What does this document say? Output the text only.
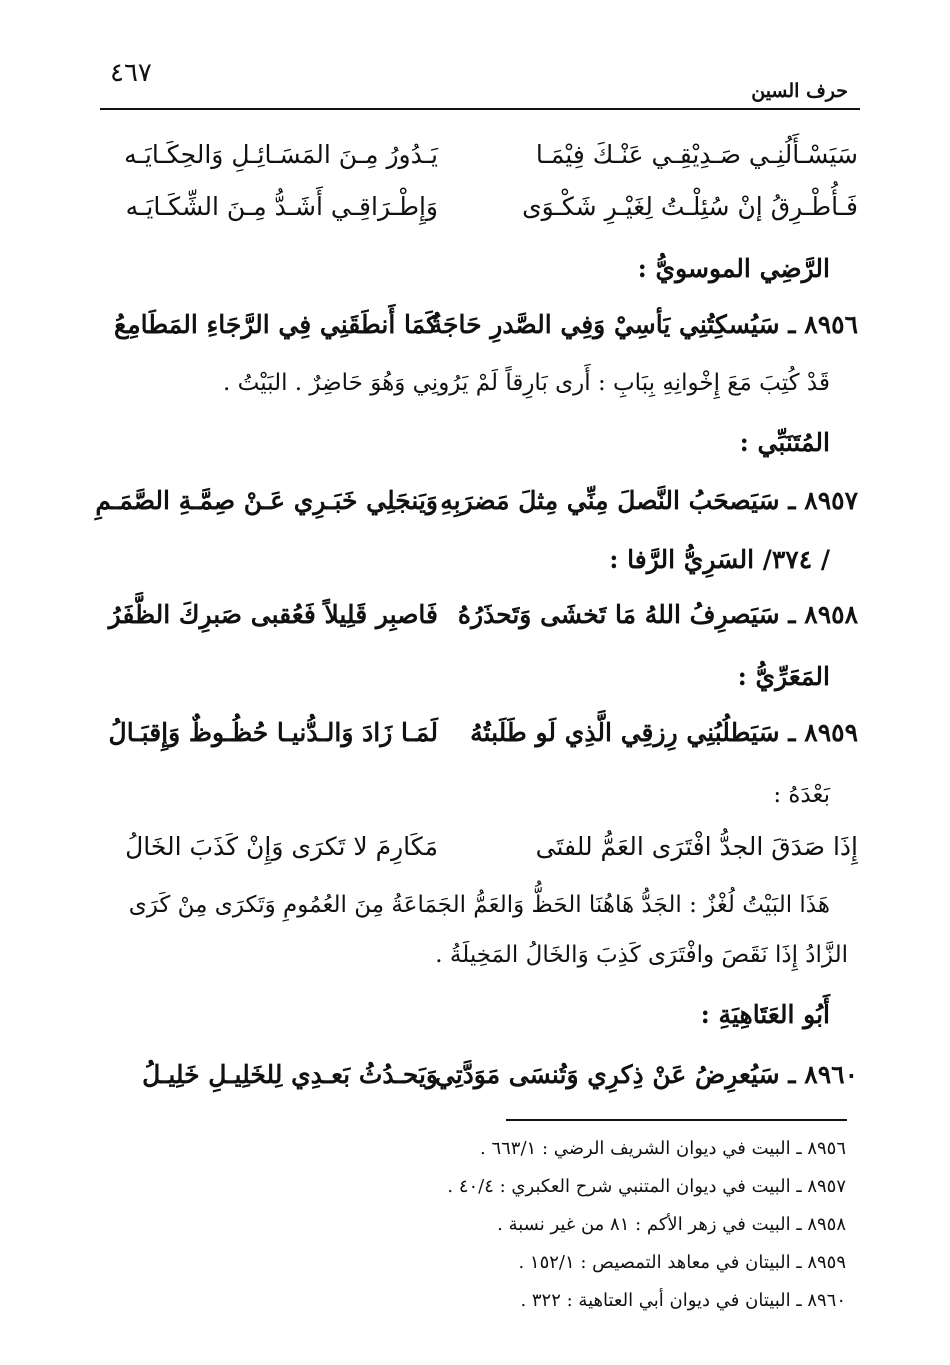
٤٦٧
حرف السين
سَيَسْـأَلُنِـي صَـدِيْقِـي عَنْـكَ فِيْمَـا
يَـدُورُ مِـنَ المَسَـائِـلِ وَالحِكَـايَـه
فَـأُطْـرِقُ إنْ سُئِلْـتُ لِغَيْـرِ شَكْـوَى
وَإِطْـرَاقِـي أَشَـدُّ مِـنَ الشِّكَـايَـه
الرَّضِي الموسويُّ :
٨٩٥٦ ـ سَيُسكِتُنِي يَأسِيْ وَفِي الصَّدرِ حَاجَةٌ
كَمَا أَنطَقَنِي فِي الرَّجَاءِ المَطَامِعُ
قَدْ كُتِبَ مَعَ إِخْوانِهِ بِبَابِ : أَرى بَارِقاً لَمْ يَرُونِي وَهُوَ حَاضِرٌ . البَيْتُ .
المُتَنَبِّي :
٨٩٥٧ ـ سَيَصحَبُ النَّصلَ مِنِّي مِثلَ مَضرَبِهِ
وَيَنجَلِي خَبَـرِي عَـنْ صِمَّـةِ الصَّمَـمِ
/ ٣٧٤/ السَرِيُّ الرَّفا :
٨٩٥٨ ـ سَيَصرِفُ اللهُ مَا تَخشَى وَتَحذَرُهُ
فَاصبِر قَلِيلاً فَعُقبى صَبرِكَ الظَّفَرُ
المَعَرِّيُّ :
٨٩٥٩ ـ سَيَطلُبُنِي رِزقِي الَّذِي لَو طَلَبتُهُ
لَمَـا زَادَ وَالـدُّنيـا حُظُـوظٌ وَإِقبَـالُ
بَعْدَهُ :
إِذَا صَدَقَ الجدُّ افْتَرَى العَمُّ للفتَى
مَكَارِمَ لا تَكرَى وَإِنْ كَذَبَ الخَالُ
هَذَا البَيْتُ لُغْزٌ : الجَدُّ هَاهُنَا الحَظُّ وَالعَمُّ الجَمَاعَةُ مِنَ العُمُومِ وَتَكرَى مِنْ كَرَى
الزَّادُ إِذَا نَقَصَ وافْتَرَى كَذِبَ وَالخَالُ المَخِيلَةُ .
أَبُو العَتَاهِيَةِ :
٨٩٦٠ ـ سَيُعرِضُ عَنْ ذِكرِي وَتُنسَى مَوَدَّتِي
وَيَحـدُثُ بَعـدِي لِلخَلِيـلِ خَلِيـلُ
٨٩٥٦ ـ البيت في ديوان الشريف الرضي : ٦٦٣/١ .
٨٩٥٧ ـ البيت في ديوان المتنبي شرح العكبري : ٤٠/٤ .
٨٩٥٨ ـ البيت في زهر الأكم : ٨١ من غير نسبة .
٨٩٥٩ ـ البيتان في معاهد التمصيص : ١٥٢/١ .
٨٩٦٠ ـ البيتان في ديوان أبي العتاهية : ٣٢٢ .
